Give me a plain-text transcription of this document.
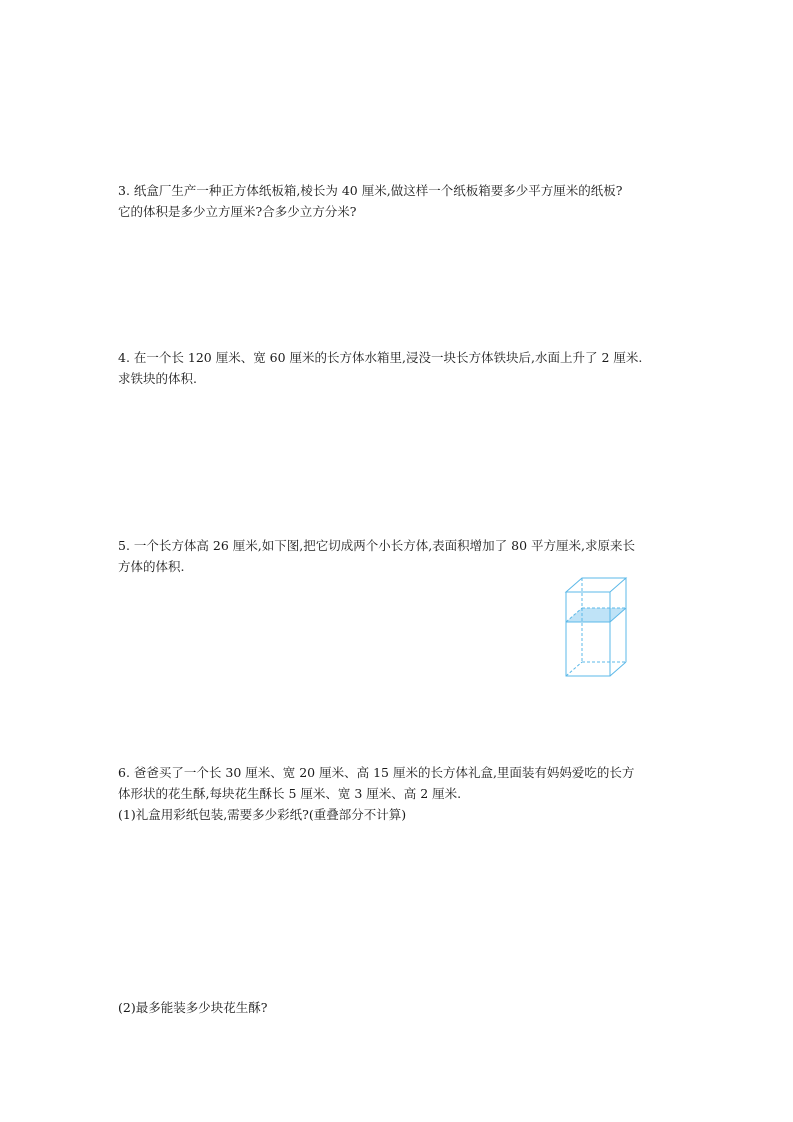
3. 纸盒厂生产一种正方体纸板箱,棱长为 40 厘米,做这样一个纸板箱要多少平方厘米的纸板?

它的体积是多少立方厘米?合多少立方分米?

4. 在一个长 120 厘米、宽 60 厘米的长方体水箱里,浸没一块长方体铁块后,水面上升了 2 厘米.

求铁块的体积.

5. 一个长方体高 26 厘米,如下图,把它切成两个小长方体,表面积增加了 80 平方厘米,求原来长

方体的体积.

6. 爸爸买了一个长 30 厘米、宽 20 厘米、高 15 厘米的长方体礼盒,里面装有妈妈爱吃的长方

体形状的花生酥,每块花生酥长 5 厘米、宽 3 厘米、高 2 厘米.

(1)礼盒用彩纸包装,需要多少彩纸?(重叠部分不计算)

(2)最多能装多少块花生酥?
